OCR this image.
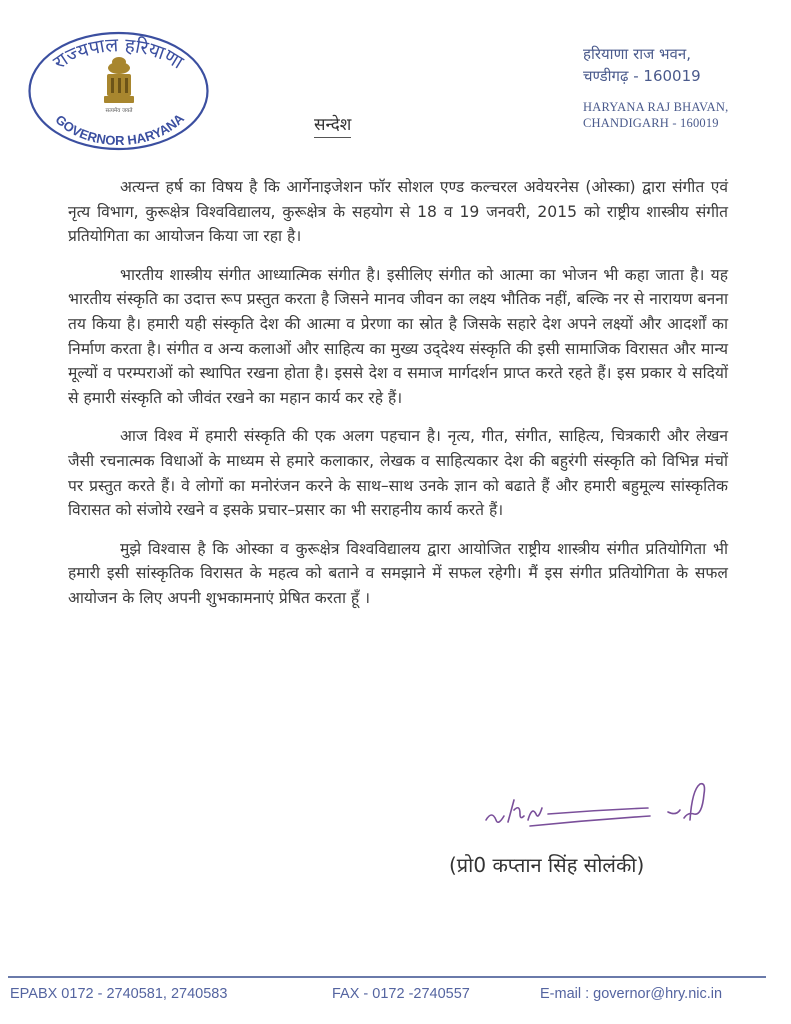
राज्यपाल हरियाणा
GOVERNOR HARYANA
सत्यमेव जयते
हरियाणा राज भवन,
चण्डीगढ़ - 160019
HARYANA RAJ BHAVAN,
CHANDIGARH - 160019
सन्देश

अत्यन्त हर्ष का विषय है कि आर्गेनाइजेशन फॉर सोशल एण्ड कल्चरल अवेयरनेस (ओस्का) द्वारा संगीत एवं नृत्य विभाग, कुरूक्षेत्र विश्वविद्यालय, कुरूक्षेत्र के सहयोग से 18 व 19 जनवरी, 2015 को राष्ट्रीय शास्त्रीय संगीत प्रतियोगिता का आयोजन किया जा रहा है।

भारतीय शास्त्रीय संगीत आध्यात्मिक संगीत है। इसीलिए संगीत को आत्मा का भोजन भी कहा जाता है। यह भारतीय संस्कृति का उदात्त रूप प्रस्तुत करता है जिसने मानव जीवन का लक्ष्य भौतिक नहीं, बल्कि नर से नारायण बनना तय किया है। हमारी यही संस्कृति देश की आत्मा व प्रेरणा का स्रोत है जिसके सहारे देश अपने लक्ष्यों और आदर्शों का निर्माण करता है। संगीत व अन्य कलाओं और साहित्य का मुख्य उद्‌देश्य संस्कृति की इसी सामाजिक विरासत और मान्य मूल्यों व परम्पराओं को स्थापित रखना होता है। इससे देश व समाज मार्गदर्शन प्राप्त करते रहते हैं। इस प्रकार ये सदियों से हमारी संस्कृति को जीवंत रखने का महान कार्य कर रहे हैं।

आज विश्व में हमारी संस्कृति की एक अलग पहचान है। नृत्य, गीत, संगीत, साहित्य, चित्रकारी और लेखन जैसी रचनात्मक विधाओं के माध्यम से हमारे कलाकार, लेखक व साहित्यकार देश की बहुरंगी संस्कृति को विभिन्न मंचों पर प्रस्तुत करते हैं। वे लोगों का मनोरंजन करने के साथ–साथ उनके ज्ञान को बढाते हैं और हमारी बहुमूल्य सांस्कृतिक विरासत को संजोये रखने व इसके प्रचार–प्रसार का भी सराहनीय कार्य करते हैं।

मुझे विश्वास है कि ओस्का व कुरूक्षेत्र विश्वविद्यालय द्वारा आयोजित राष्ट्रीय शास्त्रीय संगीत प्रतियोगिता भी हमारी इसी सांस्कृतिक विरासत के महत्व को बताने व समझाने में सफल रहेगी। मैं इस संगीत प्रतियोगिता के सफल आयोजन के लिए अपनी शुभकामनाएं प्रेषित करता हूँ ।

(प्रो0 कप्तान सिंह सोलंकी)
EPABX 0172 - 2740581, 2740583	FAX - 0172 -2740557	E-mail : governor@hry.nic.in
